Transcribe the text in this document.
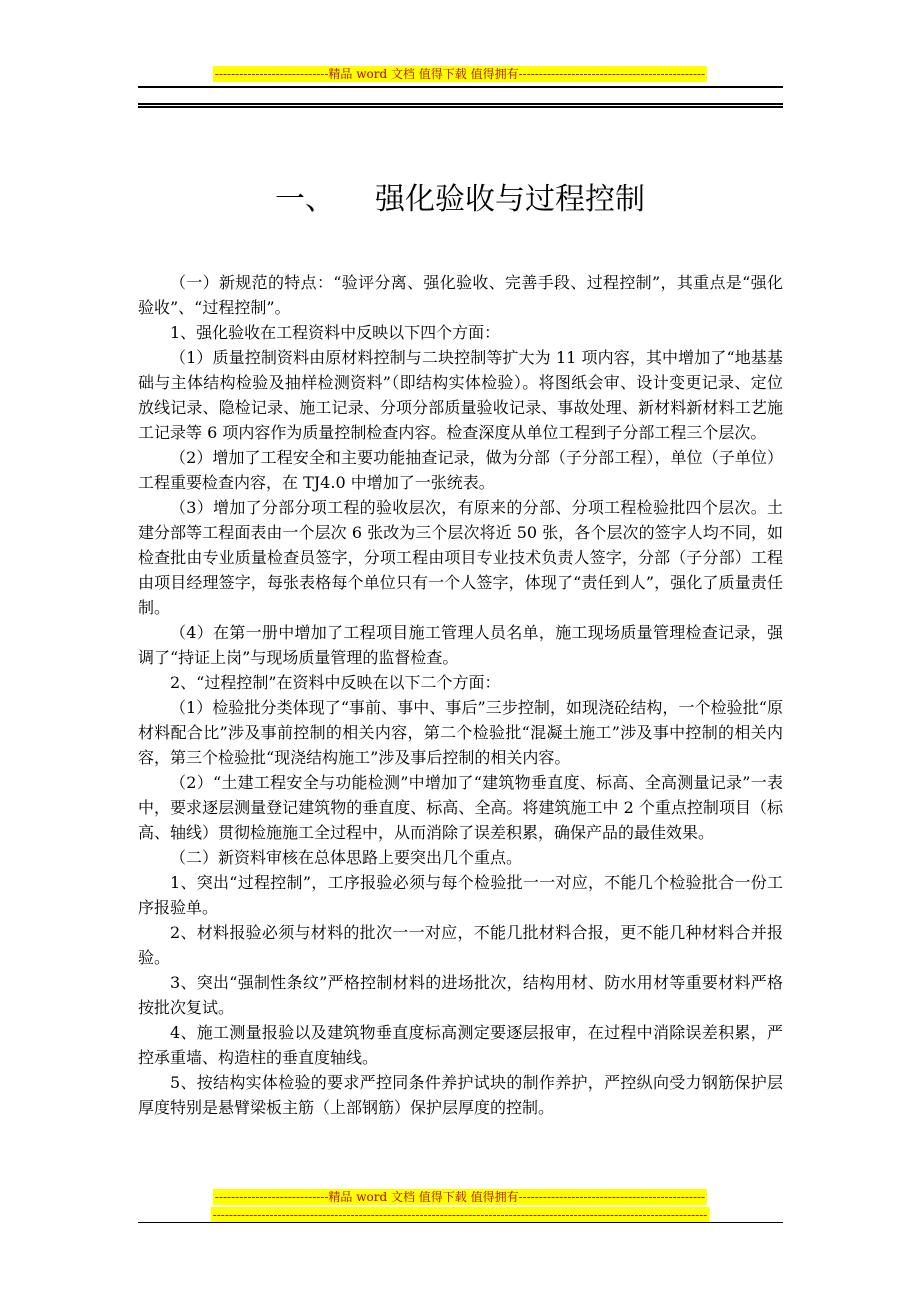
----------------------------精品 word 文档 值得下载 值得拥有----------------------------------------------
一、 强化验收与过程控制

（一）新规范的特点：“验评分离、强化验收、完善手段、过程控制”，其重点是“强化验收”、“过程控制”。

1、强化验收在工程资料中反映以下四个方面：

（1）质量控制资料由原材料控制与二块控制等扩大为 11 项内容，其中增加了“地基基础与主体结构检验及抽样检测资料”（即结构实体检验）。将图纸会审、设计变更记录、定位放线记录、隐检记录、施工记录、分项分部质量验收记录、事故处理、新材料新材料工艺施工记录等 6 项内容作为质量控制检查内容。检查深度从单位工程到子分部工程三个层次。

（2）增加了工程安全和主要功能抽查记录，做为分部（子分部工程），单位（子单位）工程重要检查内容，在 TJ4.0 中增加了一张统表。

（3）增加了分部分项工程的验收层次，有原来的分部、分项工程检验批四个层次。土建分部等工程面表由一个层次 6 张改为三个层次将近 50 张，各个层次的签字人均不同，如检查批由专业质量检查员签字，分项工程由项目专业技术负责人签字，分部（子分部）工程由项目经理签字，每张表格每个单位只有一个人签字，体现了“责任到人”，强化了质量责任制。

（4）在第一册中增加了工程项目施工管理人员名单，施工现场质量管理检查记录，强调了“持证上岗”与现场质量管理的监督检查。

2、“过程控制”在资料中反映在以下二个方面：

（1）检验批分类体现了“事前、事中、事后”三步控制，如现浇砼结构，一个检验批“原材料配合比”涉及事前控制的相关内容，第二个检验批“混凝土施工”涉及事中控制的相关内容，第三个检验批“现浇结构施工”涉及事后控制的相关内容。

（2）“土建工程安全与功能检测”中增加了“建筑物垂直度、标高、全高测量记录”一表中，要求逐层测量登记建筑物的垂直度、标高、全高。将建筑施工中 2 个重点控制项目（标高、轴线）贯彻检施施工全过程中，从而消除了误差积累，确保产品的最佳效果。

（二）新资料审核在总体思路上要突出几个重点。

1、突出“过程控制”，工序报验必须与每个检验批一一对应，不能几个检验批合一份工序报验单。

2、材料报验必须与材料的批次一一对应，不能几批材料合报，更不能几种材料合并报验。

3、突出“强制性条纹”严格控制材料的进场批次，结构用材、防水用材等重要材料严格按批次复试。

4、施工测量报验以及建筑物垂直度标高测定要逐层报审，在过程中消除误差积累，严控承重墙、构造柱的垂直度轴线。

5、按结构实体检验的要求严控同条件养护试块的制作养护，严控纵向受力钢筋保护层厚度特别是悬臂梁板主筋（上部钢筋）保护层厚度的控制。

----------------------------精品 word 文档 值得下载 值得拥有----------------------------------------------
--------------------------------------------------------------------------------------------------------------------------
